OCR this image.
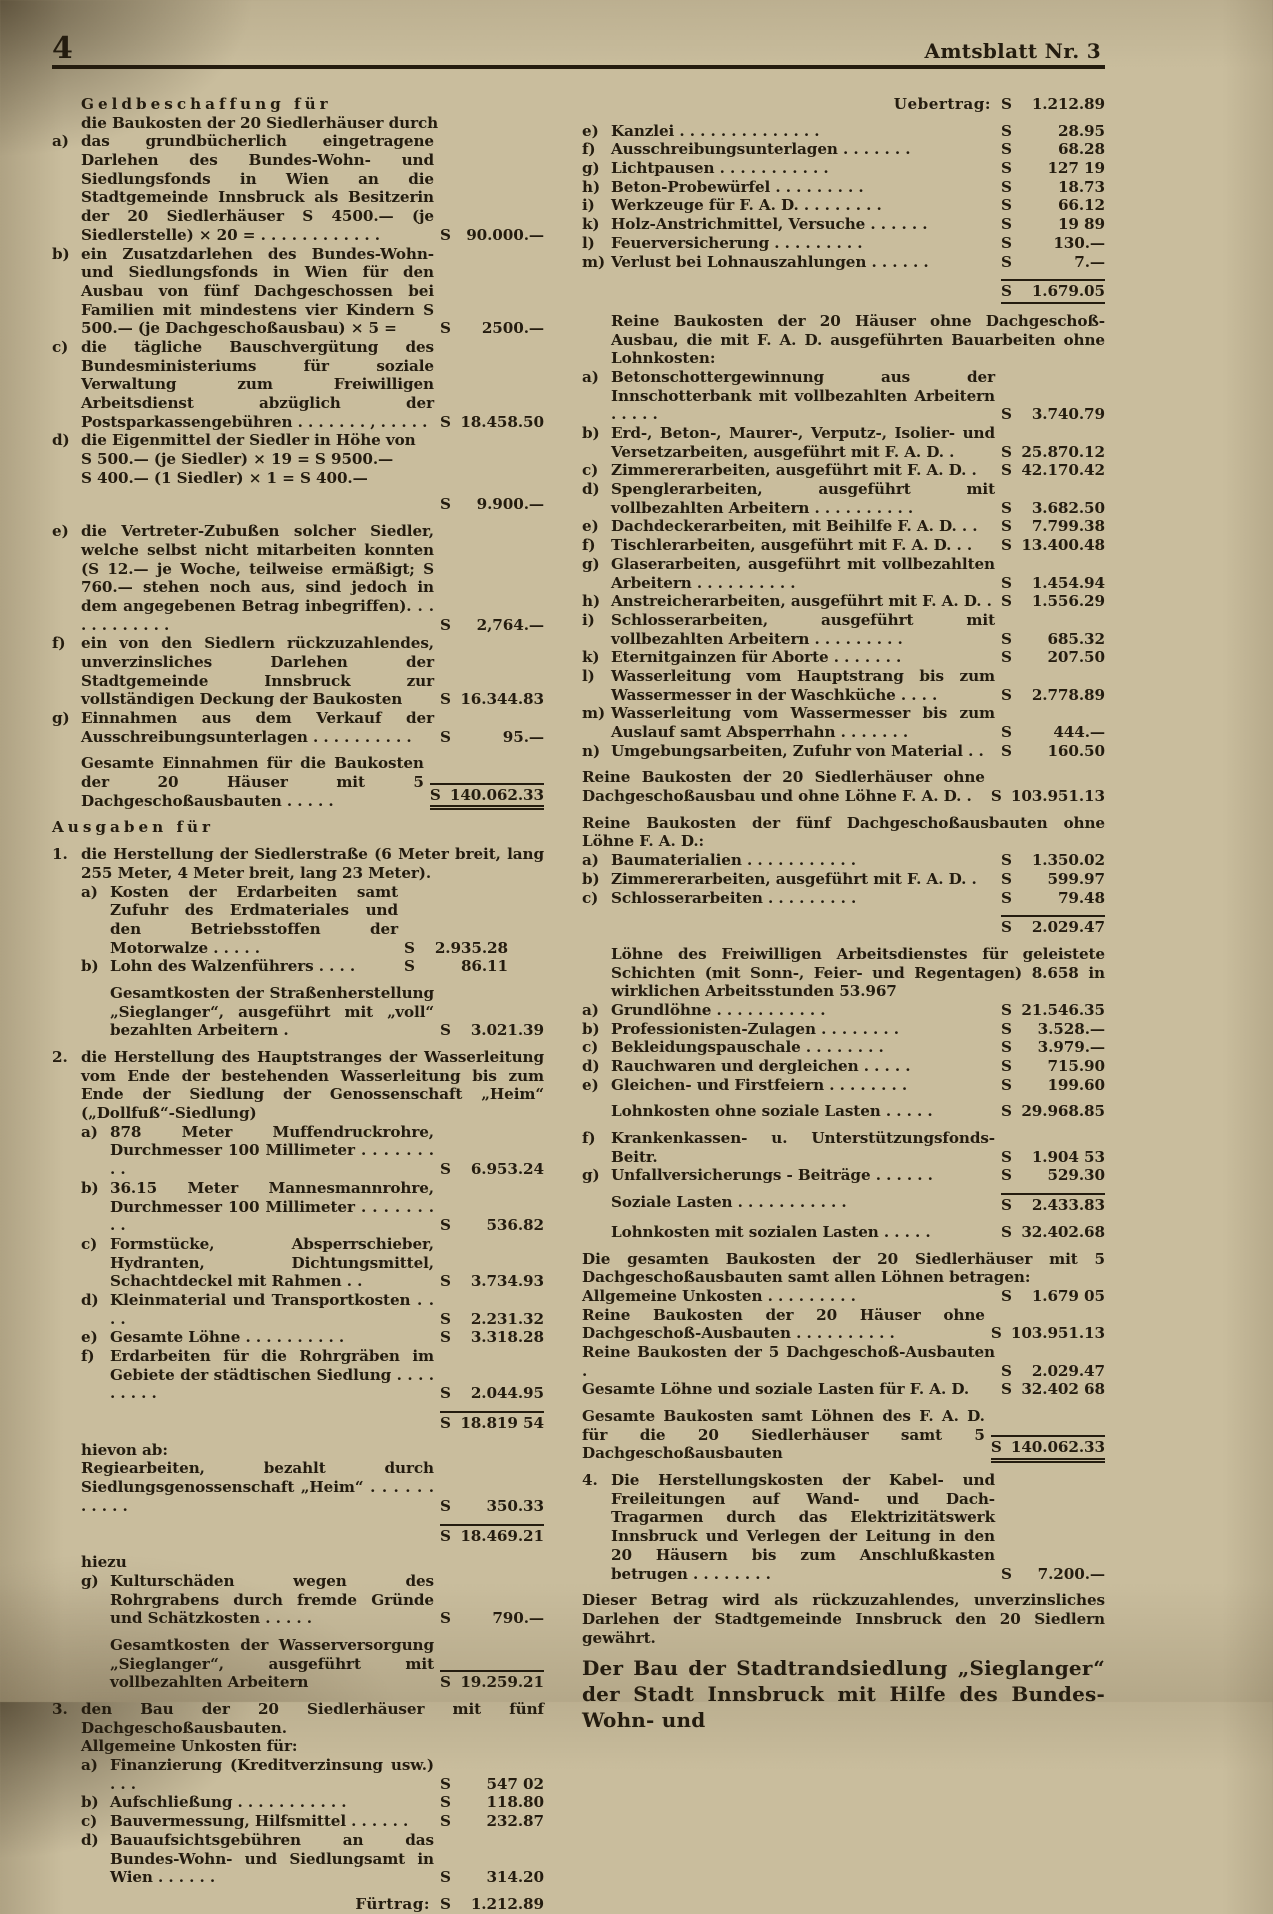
4	Amtsblatt Nr. 3
Geldbeschaffung für
die Baukosten der 20 Siedlerhäuser durch
a) das grundbücherlich eingetragene Darlehen des Bundes-Wohn- und Siedlungsfonds in Wien an die Stadtgemeinde Innsbruck als Besitzerin der 20 Siedlerhäuser S 4500.— (je Siedlerstelle) × 20 = . . . . . . . . . . . .	S	90.000.—
b) ein Zusatzdarlehen des Bundes-Wohn- und Siedlungsfonds in Wien für den Ausbau von fünf Dachgeschossen bei Familien mit mindestens vier Kindern S 500.— (je Dachgeschoßausbau) × 5 =	S	2500.—
c) die tägliche Bauschvergütung des Bundesministeriums für soziale Verwaltung zum Freiwilligen Arbeitsdienst abzüglich der Postsparkassengebühren . . . . . . . , . . . . . S 18.458.50
d) die Eigenmittel der Siedler in Höhe von
S 500.— (je Siedler) × 19 = S 9500.—
S 400.— (1 Siedler) × 1 = S 400.—
S	9.900.—
e) die Vertreter-Zubußen solcher Siedler, welche selbst nicht mitarbeiten konnten (S 12.— je Woche, teilweise ermäßigt; S 760.— stehen noch aus, sind jedoch in dem angegebenen Betrag inbegriffen). . . . . . . . . . . .	S	2,764.—
f)	ein von den Siedlern rückzuzahlendes, unverzinsliches Darlehen der Stadtgemeinde Innsbruck zur vollständigen Deckung der Baukosten	S 16.344.83
g) Einnahmen aus dem Verkauf der Ausschreibungsunterlagen . . . . . . . . . .	S	95.—
Gesamte Einnahmen für die Baukosten der 20 Häuser mit 5 Dachgeschoßausbauten . . . . .	S 140.062.33
Ausgaben für
1. die Herstellung der Siedlerstraße (6 Meter breit, lang 255 Meter, 4 Meter breit, lang 23 Meter).
a) Kosten der Erdarbeiten samt Zufuhr des Erdmateriales und den Betriebsstoffen der Motorwalze . . . . .	S	2.935.28
b) Lohn des Walzenführers . . . .	S	86.11
Gesamtkosten der Straßenherstellung „Sieglanger“, ausgeführt mit „voll“ bezahlten Arbeitern .	S	3.021.39
2. die Herstellung des Hauptstranges der Wasserleitung vom Ende der bestehenden Wasserleitung bis zum Ende der Siedlung der Genossenschaft „Heim“ („Dollfuß“-Siedlung)
a) 878 Meter Muffendruckrohre, Durchmesser 100 Millimeter . . . . . . . . .	S	6.953.24
b) 36.15 Meter Mannesmannrohre, Durchmesser 100 Millimeter . . . . . . . . .	S	536.82
c) Formstücke, Absperrschieber, Hydranten, Dichtungsmittel, Schachtdeckel mit Rahmen . .	S	3.734.93
d) Kleinmaterial und Transportkosten . . . .	S	2.231.32
e) Gesamte Löhne . . . . . . . . . .	S	3.318.28
f)	Erdarbeiten für die Rohrgräben im Gebiete der städtischen Siedlung . . . . . . . . .	S	2.044.95
S 18.819 54
hievon ab:
Regiearbeiten, bezahlt durch Siedlungsgenossenschaft „Heim“ . . . . . . . . . . .	S	350.33
S 18.469.21
hiezu
g) Kulturschäden wegen des Rohrgrabens durch fremde Gründe und Schätzkosten . . . . .	S	790.—
Gesamtkosten der Wasserversorgung „Sieglanger“, ausgeführt mit vollbezahlten Arbeitern	S 19.259.21
3. den Bau der 20 Siedlerhäuser mit fünf Dachgeschoßausbauten.
Allgemeine Unkosten für:
a) Finanzierung (Kreditverzinsung usw.) . . .	S	547 02
b) Aufschließung . . . . . . . . . . .	S	118.80
c) Bauvermessung, Hilfsmittel . . . . . .	S	232.87
d) Bauaufsichtsgebühren an das Bundes-Wohn- und Siedlungsamt in Wien . . . . . .	S	314.20
Fürtrag: S	1.212.89
Uebertrag: S	1.212.89
e) Kanzlei . . . . . . . . . . . . . .	S	28.95
f)	Ausschreibungsunterlagen . . . . . . .	S	68.28
g) Lichtpausen . . . . . . . . . . .	S	127 19
h) Beton-Probewürfel . . . . . . . . .	S	18.73
i)	Werkzeuge für F. A. D. . . . . . . . .	S	66.12
k) Holz-Anstrichmittel, Versuche . . . . . .	S	19 89
l)	Feuerversicherung . . . . . . . . .	S	130.—
m) Verlust bei Lohnauszahlungen . . . . . .	S	7.—
S	1.679.05
Reine Baukosten der 20 Häuser ohne Dachgeschoß-Ausbau, die mit F. A. D. ausgeführten Bauarbeiten ohne Lohnkosten:
a) Betonschottergewinnung aus der Innschotterbank mit vollbezahlten Arbeitern . . . . .	S	3.740.79
b) Erd-, Beton-, Maurer-, Verputz-, Isolier- und Versetzarbeiten, ausgeführt mit F. A. D. .	S 25.870.12
c) Zimmererarbeiten, ausgeführt mit F. A. D. .	S 42.170.42
d) Spenglerarbeiten, ausgeführt mit vollbezahlten Arbeitern . . . . . . . . . .	S	3.682.50
e) Dachdeckerarbeiten, mit Beihilfe F. A. D. . .	S	7.799.38
f)	Tischlerarbeiten, ausgeführt mit F. A. D. . .	S 13.400.48
g) Glaserarbeiten, ausgeführt mit vollbezahlten Arbeitern . . . . . . . . . .	S	1.454.94
h) Anstreicherarbeiten, ausgeführt mit F. A. D. . S	1.556.29
i)	Schlosserarbeiten, ausgeführt mit vollbezahlten Arbeitern . . . . . . . . .	S	685.32
k) Eternitgainzen für Aborte . . . . . . .	S	207.50
l)	Wasserleitung vom Hauptstrang bis zum Wassermesser in der Waschküche . . . .	S	2.778.89
m) Wasserleitung vom Wassermesser bis zum Auslauf samt Absperrhahn . . . . . . .	S	444.—
n) Umgebungsarbeiten, Zufuhr von Material . .	S	160.50
Reine Baukosten der 20 Siedlerhäuser ohne Dachgeschoßausbau und ohne Löhne F. A. D. .	S 103.951.13
Reine Baukosten der fünf Dachgeschoßausbauten ohne Löhne F. A. D.:
a) Baumaterialien . . . . . . . . . . .	S	1.350.02
b) Zimmererarbeiten, ausgeführt mit F. A. D. .	S	599.97
c) Schlosserarbeiten . . . . . . . . .	S	79.48
S	2.029.47
Löhne des Freiwilligen Arbeitsdienstes für geleistete Schichten (mit Sonn-, Feier- und Regentagen) 8.658 in wirklichen Arbeitsstunden 53.967
a) Grundlöhne . . . . . . . . . . .	S 21.546.35
b) Professionisten-Zulagen . . . . . . . .	S	3.528.—
c) Bekleidungspauschale . . . . . . . .	S	3.979.—
d) Rauchwaren und dergleichen . . . . .	S	715.90
e) Gleichen- und Firstfeiern . . . . . . . .	S	199.60
Lohnkosten ohne soziale Lasten . . . . .	S 29.968.85
f)	Krankenkassen- u. Unterstützungsfonds-Beitr.	S	1.904 53
g) Unfallversicherungs - Beiträge . . . . . .	S	529.30
Soziale Lasten . . . . . . . . . . .	S	2.433.83
Lohnkosten mit sozialen Lasten . . . . .	S 32.402.68
Die gesamten Baukosten der 20 Siedlerhäuser mit 5 Dachgeschoßausbauten samt allen Löhnen betragen:
Allgemeine Unkosten . . . . . . . . .	S	1.679 05
Reine Baukosten der 20 Häuser ohne Dachgeschoß-Ausbauten . . . . . . . . . .	S 103.951.13
Reine Baukosten der 5 Dachgeschoß-Ausbauten .	S	2.029.47
Gesamte Löhne und soziale Lasten für F. A. D.	S 32.402 68
Gesamte Baukosten samt Löhnen des F. A. D. für die 20 Siedlerhäuser samt 5 Dachgeschoßausbauten	S 140.062.33
4. Die Herstellungskosten der Kabel- und Freileitungen auf Wand- und Dach-Tragarmen durch das Elektrizitätswerk Innsbruck und Verlegen der Leitung in den 20 Häusern bis zum Anschlußkasten betrugen . . . . . . . .	S	7.200.—
Dieser Betrag wird als rückzuzahlendes, unverzinsliches Darlehen der Stadtgemeinde Innsbruck den 20 Siedlern gewährt.
Der Bau der Stadtrandsiedlung „Sieglanger“ der Stadt Innsbruck mit Hilfe des Bundes-Wohn- und
